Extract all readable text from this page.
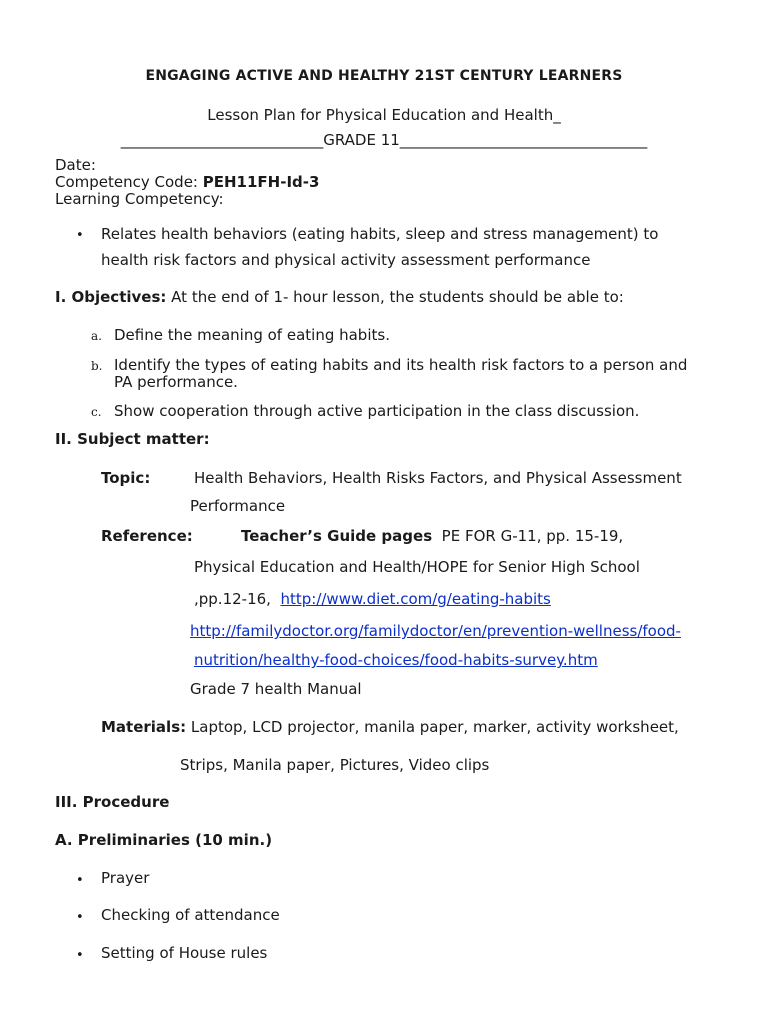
ENGAGING ACTIVE AND HEALTHY 21ST CENTURY LEARNERS
Lesson Plan for Physical Education and Health_
___________________________GRADE 11_________________________________
Date:
Competency Code: PEH11FH-Id-3
Learning Competency:
• Relates health behaviors (eating habits, sleep and stress management) to
health risk factors and physical activity assessment performance
I. Objectives: At the end of 1- hour lesson, the students should be able to:
a. Define the meaning of eating habits.
b. Identify the types of eating habits and its health risk factors to a person and
PA performance.
c. Show cooperation through active participation in the class discussion.
II. Subject matter:
Topic:	Health Behaviors, Health Risks Factors, and Physical Assessment
Performance
Reference:	Teacher’s Guide pages PE FOR G-11, pp. 15-19,
Physical Education and Health/HOPE for Senior High School
,pp.12-16, http://www.diet.com/g/eating-habits
http://familydoctor.org/familydoctor/en/prevention-wellness/food-
nutrition/healthy-food-choices/food-habits-survey.htm
Grade 7 health Manual
Materials: Laptop, LCD projector, manila paper, marker, activity worksheet,
Strips, Manila paper, Pictures, Video clips
III. Procedure
A. Preliminaries (10 min.)
• Prayer
• Checking of attendance
• Setting of House rules
